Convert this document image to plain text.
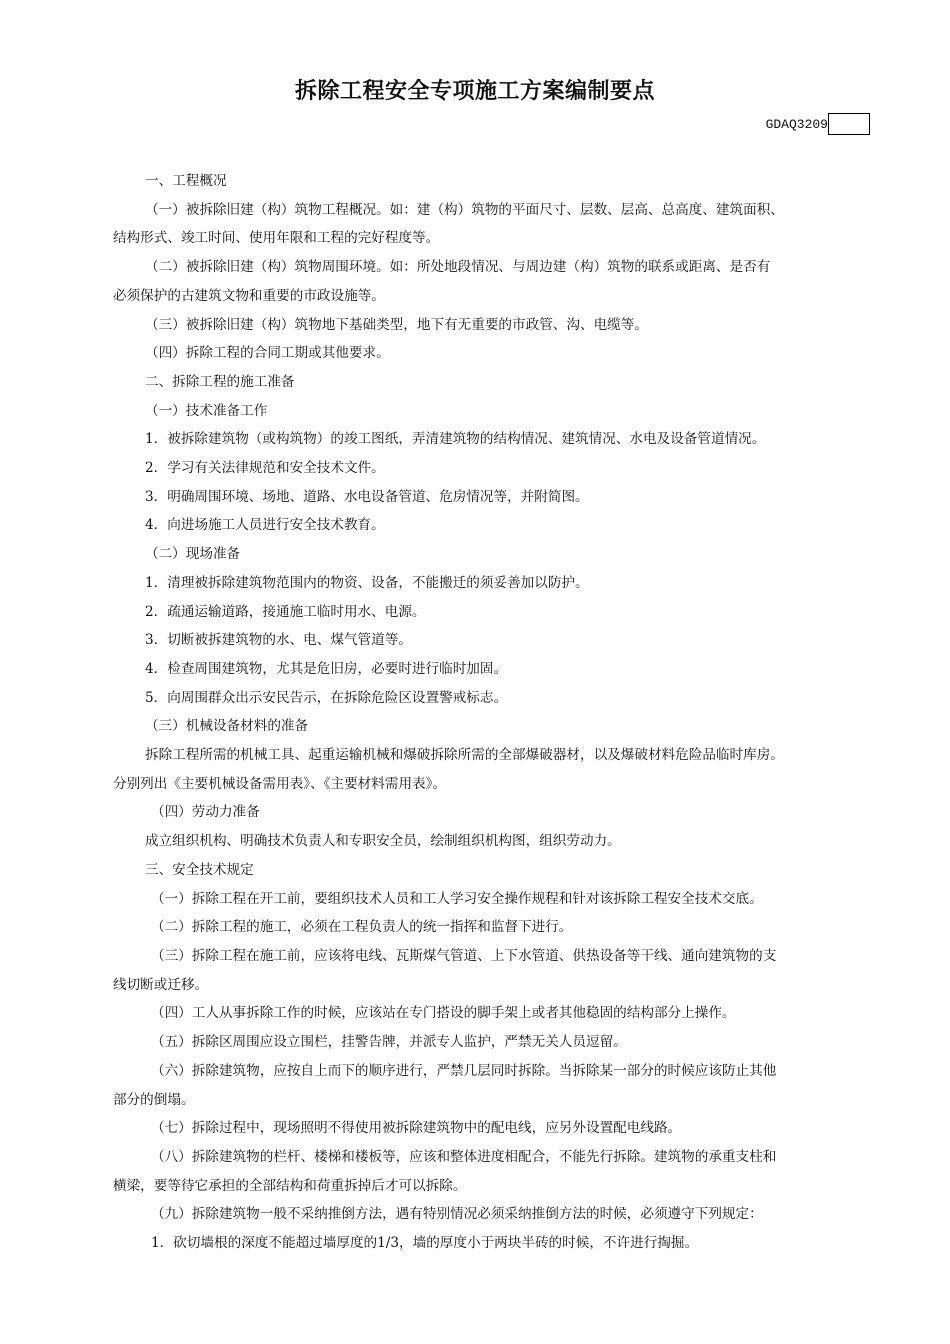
拆除工程安全专项施工方案编制要点
GDAQ3209
一、工程概况
（一）被拆除旧建（构）筑物工程概况。如：建（构）筑物的平面尺寸、层数、层高、总高度、建筑面积、
结构形式、竣工时间、使用年限和工程的完好程度等。
（二）被拆除旧建（构）筑物周围环境。如：所处地段情况、与周边建（构）筑物的联系或距离、是否有
必须保护的古建筑文物和重要的市政设施等。
（三）被拆除旧建（构）筑物地下基础类型，地下有无重要的市政管、沟、电缆等。
（四）拆除工程的合同工期或其他要求。
二、拆除工程的施工准备
（一）技术准备工作
1．被拆除建筑物（或构筑物）的竣工图纸，弄清建筑物的结构情况、建筑情况、水电及设备管道情况。
2．学习有关法律规范和安全技术文件。
3．明确周围环境、场地、道路、水电设备管道、危房情况等，并附简图。
4．向进场施工人员进行安全技术教育。
（二）现场准备
1．清理被拆除建筑物范围内的物资、设备，不能搬迁的须妥善加以防护。
2．疏通运输道路，接通施工临时用水、电源。
3．切断被拆建筑物的水、电、煤气管道等。
4．检查周围建筑物，尤其是危旧房，必要时进行临时加固。
5．向周围群众出示安民告示，在拆除危险区设置警戒标志。
（三）机械设备材料的准备
拆除工程所需的机械工具、起重运输机械和爆破拆除所需的全部爆破器材，以及爆破材料危险品临时库房。
分别列出《主要机械设备需用表》、《主要材料需用表》。
（四）劳动力准备
成立组织机构、明确技术负责人和专职安全员，绘制组织机构图，组织劳动力。
三、安全技术规定
（一）拆除工程在开工前，要组织技术人员和工人学习安全操作规程和针对该拆除工程安全技术交底。
（二）拆除工程的施工，必须在工程负责人的统一指挥和监督下进行。
（三）拆除工程在施工前，应该将电线、瓦斯煤气管道、上下水管道、供热设备等干线、通向建筑物的支
线切断或迁移。
（四）工人从事拆除工作的时候，应该站在专门搭设的脚手架上或者其他稳固的结构部分上操作。
（五）拆除区周围应设立围栏，挂警告牌，并派专人监护，严禁无关人员逗留。
（六）拆除建筑物，应按自上而下的顺序进行，严禁几层同时拆除。当拆除某一部分的时候应该防止其他
部分的倒塌。
（七）拆除过程中，现场照明不得使用被拆除建筑物中的配电线，应另外设置配电线路。
（八）拆除建筑物的栏杆、楼梯和楼板等，应该和整体进度相配合，不能先行拆除。建筑物的承重支柱和
横梁，要等待它承担的全部结构和荷重拆掉后才可以拆除。
（九）拆除建筑物一般不采纳推倒方法，遇有特别情况必须采纳推倒方法的时候，必须遵守下列规定：
1．砍切墙根的深度不能超过墙厚度的1/3，墙的厚度小于两块半砖的时候，不许进行掏掘。
